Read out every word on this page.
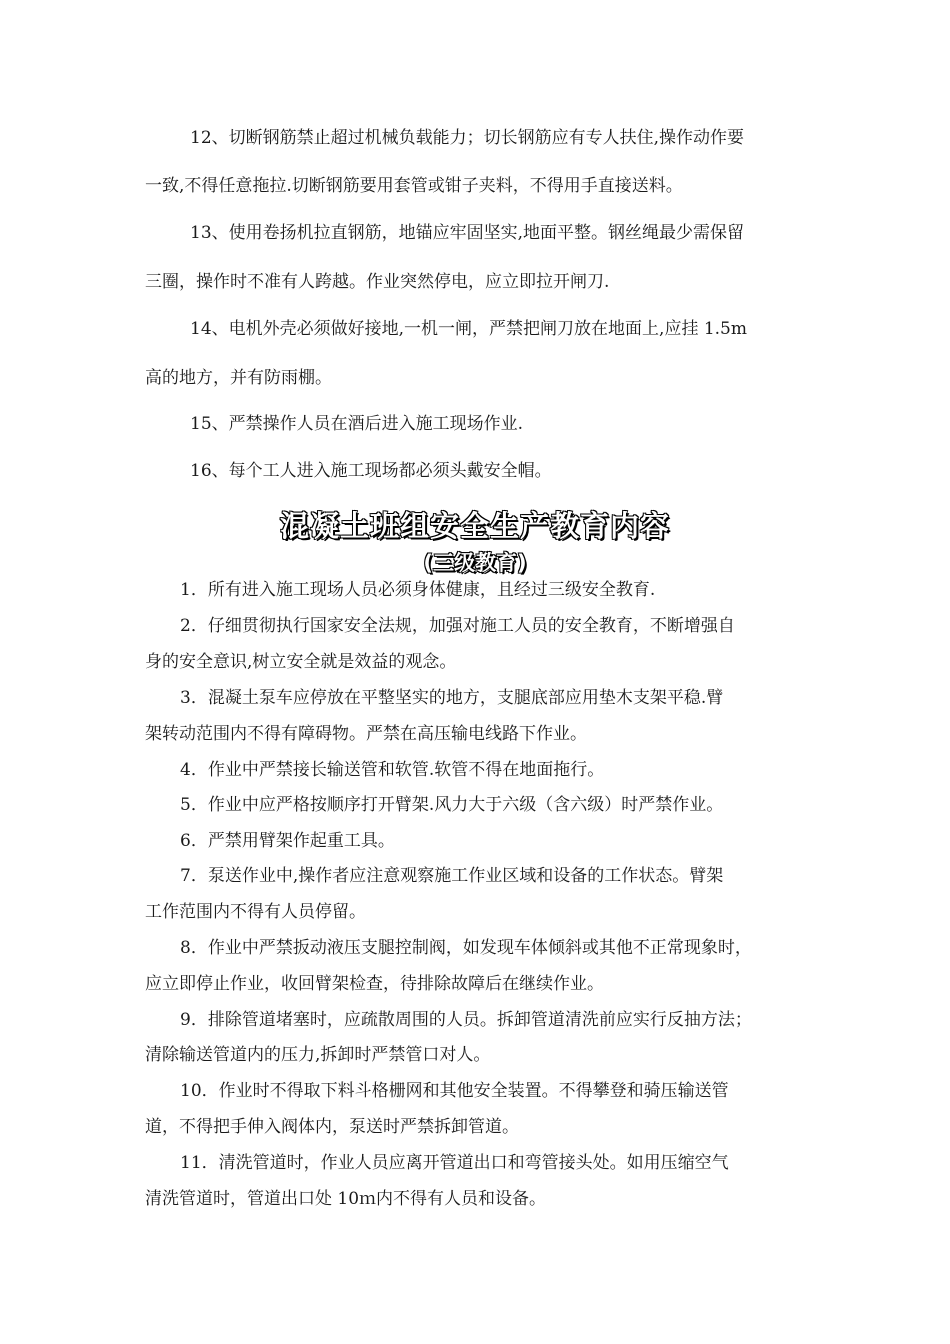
12、切断钢筋禁止超过机械负载能力；切长钢筋应有专人扶住,操作动作要
一致,不得任意拖拉.切断钢筋要用套管或钳子夹料，不得用手直接送料。
13、使用卷扬机拉直钢筋，地锚应牢固坚实,地面平整。钢丝绳最少需保留
三圈，操作时不准有人跨越。作业突然停电，应立即拉开闸刀.
14、电机外壳必须做好接地,一机一闸，严禁把闸刀放在地面上,应挂 1.5m
高的地方，并有防雨棚。
15、严禁操作人员在酒后进入施工现场作业.
16、每个工人进入施工现场都必须头戴安全帽。
混凝土班组安全生产教育内容
(三级教育)
1．所有进入施工现场人员必须身体健康，且经过三级安全教育.
2．仔细贯彻执行国家安全法规，加强对施工人员的安全教育，不断增强自
身的安全意识,树立安全就是效益的观念。
3．混凝土泵车应停放在平整坚实的地方，支腿底部应用垫木支架平稳.臂
架转动范围内不得有障碍物。严禁在高压输电线路下作业。
4．作业中严禁接长输送管和软管.软管不得在地面拖行。
5．作业中应严格按顺序打开臂架.风力大于六级（含六级）时严禁作业。
6．严禁用臂架作起重工具。
7．泵送作业中,操作者应注意观察施工作业区域和设备的工作状态。臂架
工作范围内不得有人员停留。
8．作业中严禁扳动液压支腿控制阀，如发现车体倾斜或其他不正常现象时，
应立即停止作业，收回臂架检查，待排除故障后在继续作业。
9．排除管道堵塞时，应疏散周围的人员。拆卸管道清洗前应实行反抽方法；
清除输送管道内的压力,拆卸时严禁管口对人。
10．作业时不得取下料斗格栅网和其他安全装置。不得攀登和骑压输送管
道，不得把手伸入阀体内，泵送时严禁拆卸管道。
11．清洗管道时，作业人员应离开管道出口和弯管接头处。如用压缩空气
清洗管道时，管道出口处 10ｍ内不得有人员和设备。
